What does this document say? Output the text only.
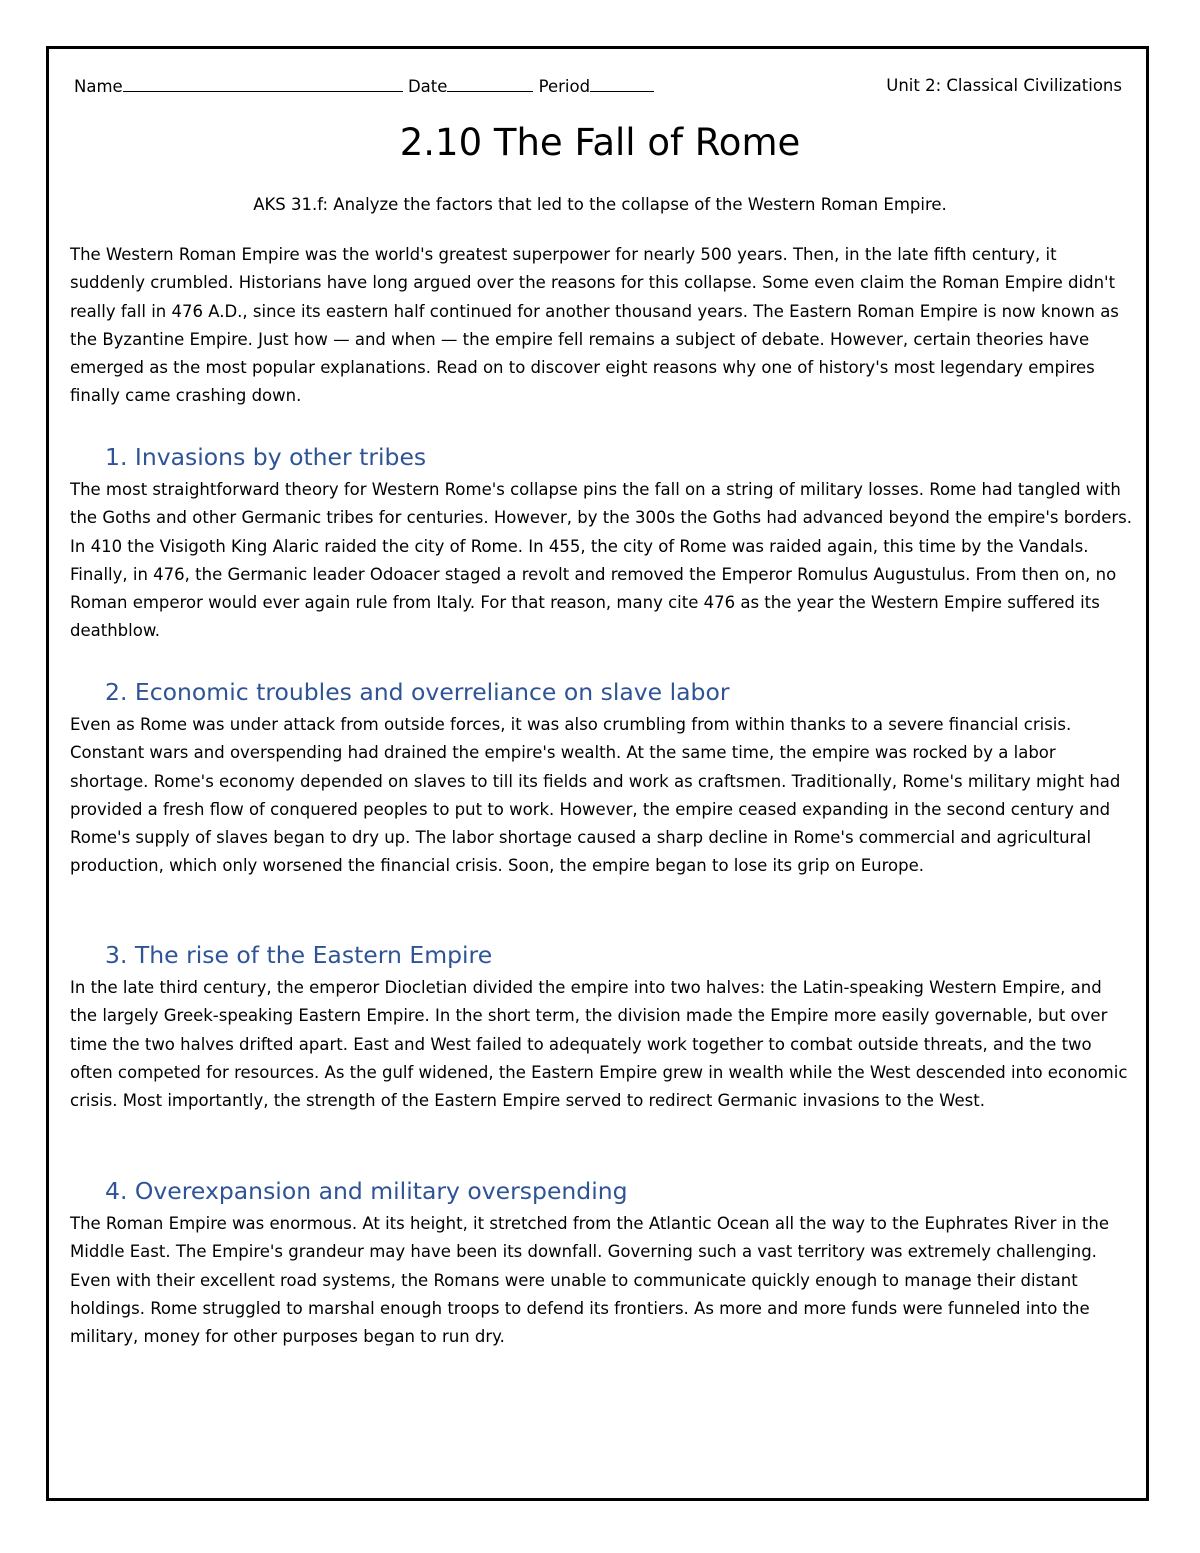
Name	Date	Period	Unit 2: Classical Civilizations
2.10 The Fall of Rome
AKS 31.f: Analyze the factors that led to the collapse of the Western Roman Empire.

The Western Roman Empire was the world's greatest superpower for nearly 500 years. Then, in the late fifth century, it suddenly crumbled. Historians have long argued over the reasons for this collapse. Some even claim the Roman Empire didn't really fall in 476 A.D., since its eastern half continued for another thousand years. The Eastern Roman Empire is now known as the Byzantine Empire. Just how — and when — the empire fell remains a subject of debate. However, certain theories have emerged as the most popular explanations. Read on to discover eight reasons why one of history's most legendary empires finally came crashing down.

1. Invasions by other tribes

The most straightforward theory for Western Rome's collapse pins the fall on a string of military losses. Rome had tangled with the Goths and other Germanic tribes for centuries. However, by the 300s the Goths had advanced beyond the empire's borders. In 410 the Visigoth King Alaric raided the city of Rome. In 455, the city of Rome was raided again, this time by the Vandals. Finally, in 476, the Germanic leader Odoacer staged a revolt and removed the Emperor Romulus Augustulus. From then on, no Roman emperor would ever again rule from Italy. For that reason, many cite 476 as the year the Western Empire suffered its deathblow.

2. Economic troubles and overreliance on slave labor

Even as Rome was under attack from outside forces, it was also crumbling from within thanks to a severe financial crisis. Constant wars and overspending had drained the empire's wealth. At the same time, the empire was rocked by a labor shortage. Rome's economy depended on slaves to till its fields and work as craftsmen. Traditionally, Rome's military might had provided a fresh flow of conquered peoples to put to work. However, the empire ceased expanding in the second century and Rome's supply of slaves began to dry up. The labor shortage caused a sharp decline in Rome's commercial and agricultural production, which only worsened the financial crisis. Soon, the empire began to lose its grip on Europe.

3. The rise of the Eastern Empire

In the late third century, the emperor Diocletian divided the empire into two halves: the Latin-speaking Western Empire, and the largely Greek-speaking Eastern Empire. In the short term, the division made the Empire more easily governable, but over time the two halves drifted apart. East and West failed to adequately work together to combat outside threats, and the two often competed for resources. As the gulf widened, the Eastern Empire grew in wealth while the West descended into economic crisis. Most importantly, the strength of the Eastern Empire served to redirect Germanic invasions to the West.

4. Overexpansion and military overspending

The Roman Empire was enormous. At its height, it stretched from the Atlantic Ocean all the way to the Euphrates River in the Middle East. The Empire's grandeur may have been its downfall. Governing such a vast territory was extremely challenging. Even with their excellent road systems, the Romans were unable to communicate quickly enough to manage their distant holdings. Rome struggled to marshal enough troops to defend its frontiers. As more and more funds were funneled into the military, money for other purposes began to run dry.
